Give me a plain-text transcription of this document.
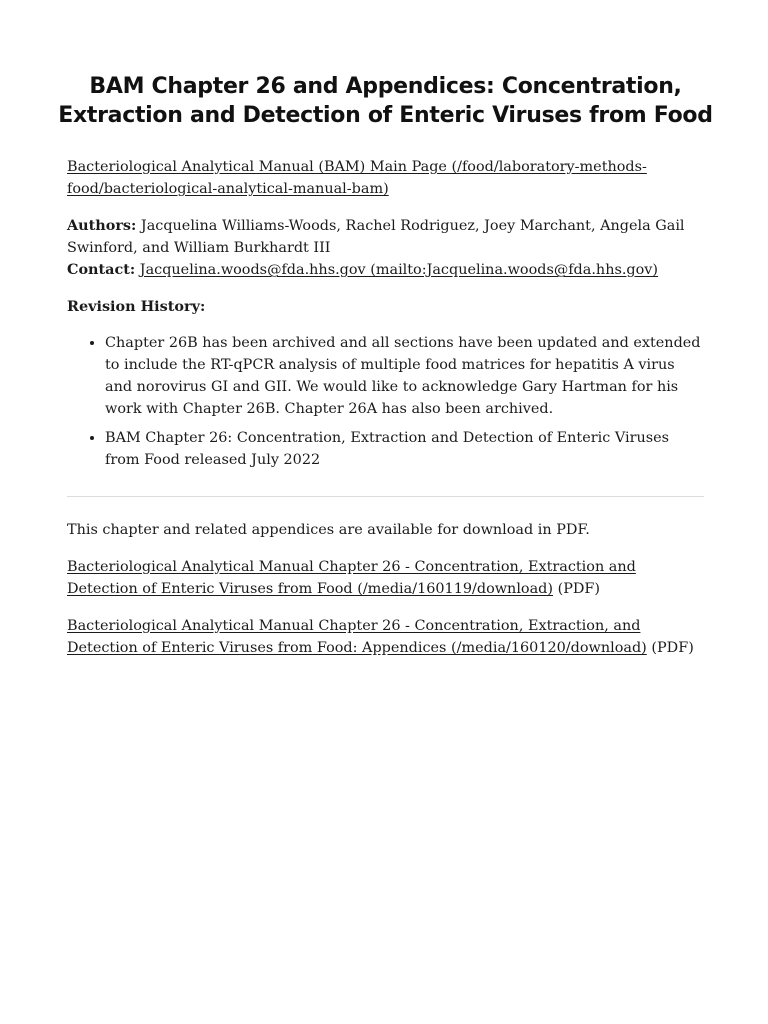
BAM Chapter 26 and Appendices: Concentration, Extraction and Detection of Enteric Viruses from Food

Bacteriological Analytical Manual (BAM) Main Page (/food/laboratory-methods-food/bacteriological-analytical-manual-bam)

Authors: Jacquelina Williams-Woods, Rachel Rodriguez, Joey Marchant, Angela Gail Swinford, and William Burkhardt III
Contact: Jacquelina.woods@fda.hhs.gov (mailto:Jacquelina.woods@fda.hhs.gov)

Revision History:

• Chapter 26B has been archived and all sections have been updated and extended to include the RT-qPCR analysis of multiple food matrices for hepatitis A virus and norovirus GI and GII. We would like to acknowledge Gary Hartman for his work with Chapter 26B. Chapter 26A has also been archived.
• BAM Chapter 26: Concentration, Extraction and Detection of Enteric Viruses from Food released July 2022

This chapter and related appendices are available for download in PDF.

Bacteriological Analytical Manual Chapter 26 - Concentration, Extraction and Detection of Enteric Viruses from Food (/media/160119/download) (PDF)

Bacteriological Analytical Manual Chapter 26 - Concentration, Extraction, and Detection of Enteric Viruses from Food: Appendices (/media/160120/download) (PDF)
